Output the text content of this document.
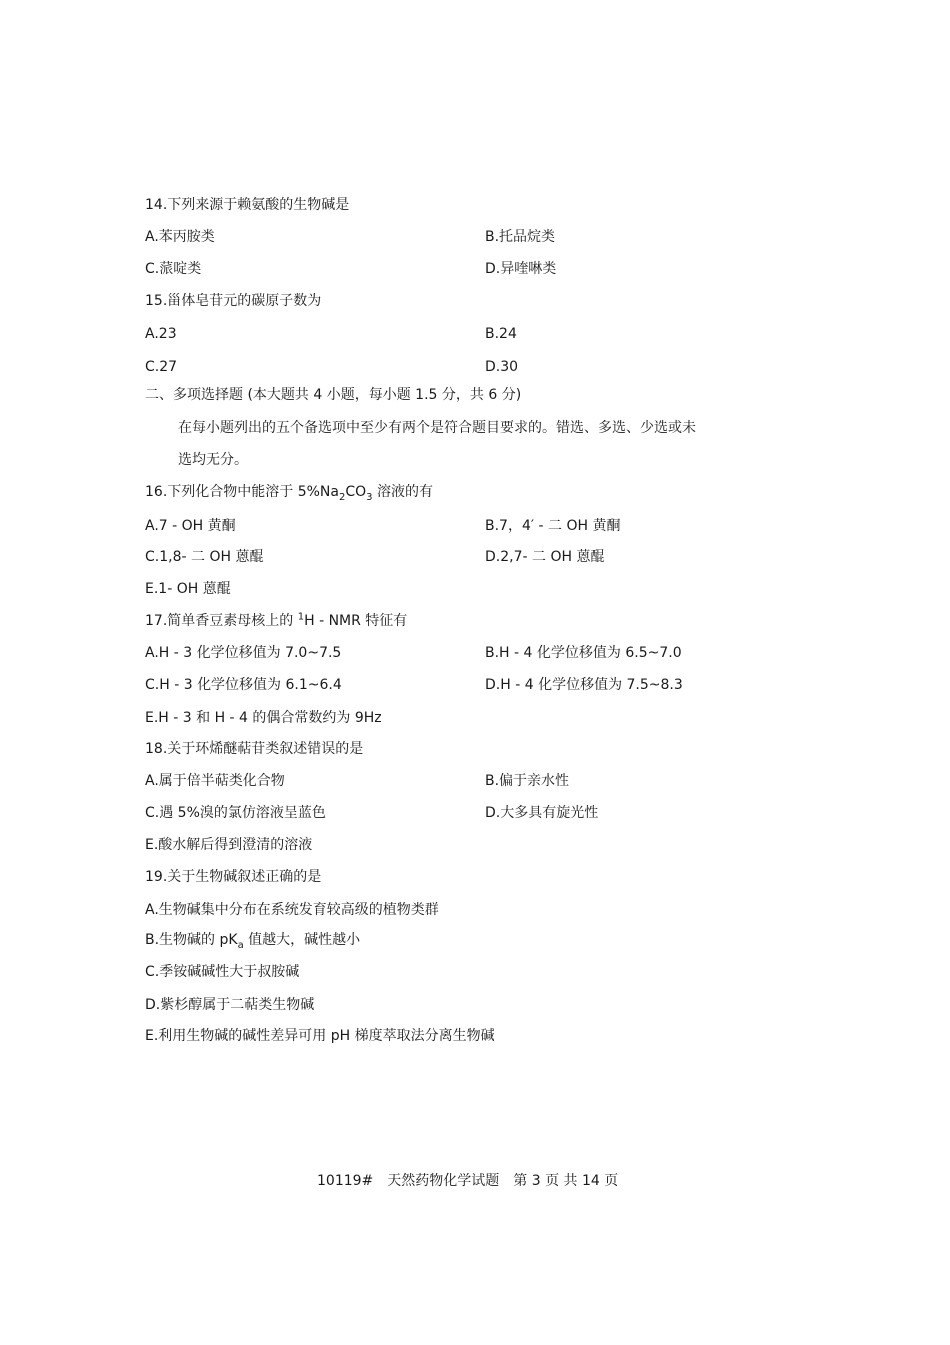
14.下列来源于赖氨酸的生物碱是
A.苯丙胺类	B.托品烷类
C.蒎啶类	D.异喹啉类
15.甾体皂苷元的碳原子数为
A.23	B.24
C.27	D.30
二、多项选择题 (本大题共 4 小题，每小题 1.5 分，共 6 分)
在每小题列出的五个备选项中至少有两个是符合题目要求的。错选、多选、少选或未
选均无分。
16.下列化合物中能溶于 $5\%Na_2CO_3$ 溶液的有
A.7 - OH 黄酮	B.7，4′ - 二 OH 黄酮
C.1,8- 二 OH 蒽醌	D.2,7- 二 OH 蒽醌
E.1- OH 蒽醌
17.简单香豆素母核上的 $^1$H - NMR 特征有
A.H - 3 化学位移值为 7.0~7.5	B.H - 4 化学位移值为 6.5~7.0
C.H - 3 化学位移值为 6.1~6.4	D.H - 4 化学位移值为 7.5~8.3
E.H - 3 和 H - 4 的偶合常数约为 9Hz
18.关于环烯醚萜苷类叙述错误的是
A.属于倍半萜类化合物	B.偏于亲水性
C.遇 5%溴的氯仿溶液呈蓝色	D.大多具有旋光性
E.酸水解后得到澄清的溶液
19.关于生物碱叙述正确的是
A.生物碱集中分布在系统发育较高级的植物类群
B.生物碱的 $pK_a$ 值越大，碱性越小
C.季铵碱碱性大于叔胺碱
D.紫杉醇属于二萜类生物碱
E.利用生物碱的碱性差异可用 pH 梯度萃取法分离生物碱
10119# 天然药物化学试题 第 3 页 共 14 页
